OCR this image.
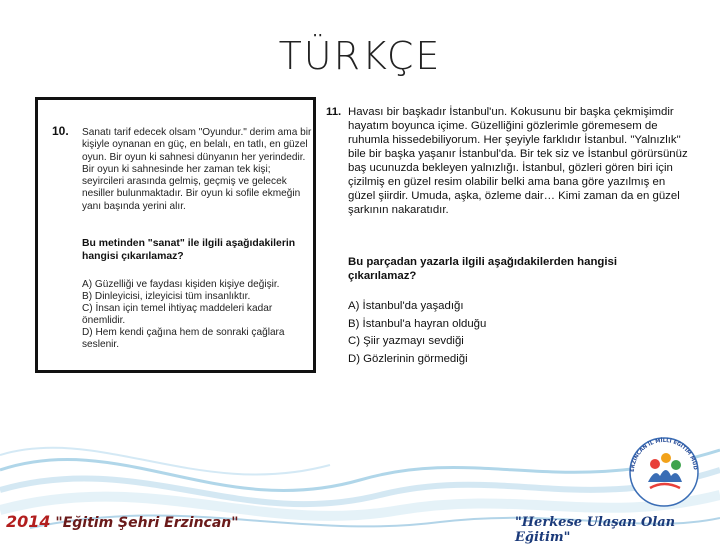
TÜRKÇE
10. Sanatı tarif edecek olsam "Oyundur." derim ama bir kişiyle oynanan en güç, en belalı, en tatlı, en güzel oyun. Bir oyun ki sahnesi dünyanın her yerindedir. Bir oyun ki sahnesinde her zaman tek kişi; seyircileri arasında gelmiş, geçmiş ve gelecek nesiller bulunmaktadır. Bir oyun ki sofile ekmeğin yanı başında yerini alır.
Bu metinden "sanat" ile ilgili aşağıdakilerin hangisi çıkarılamaz?
A) Güzelliği ve faydası kişiden kişiye değişir.
B) Dinleyicisi, izleyicisi tüm insanlıktır.
C) İnsan için temel ihtiyaç maddeleri kadar önemlidir.
D) Hem kendi çağına hem de sonraki çağlara seslenir.
11. Havası bir başkadır İstanbul'un. Kokusunu bir başka çekmişimdir hayatım boyunca içime. Güzelliğini gözlerimle göremesem de ruhumla hissedebiliyorum. Her şeyiyle farklıdır İstanbul. "Yalnızlık" bile bir başka yaşanır İstanbul'da. Bir tek siz ve İstanbul görürsünüz baş ucunuzda bekleyen yalnızlığı. İstanbul, gözleri gören biri için çizilmiş en güzel resim olabilir belki ama bana göre yazılmış en güzel şiirdir. Umuda, aşka, özleme dair… Kimi zaman da en güzel şarkının nakaratıdır.
Bu parçadan yazarla ilgili aşağıdakilerden hangisi çıkarılamaz?
A) İstanbul'da yaşadığı
B) İstanbul'a hayran olduğu
C) Şiir yazmayı sevdiği
D) Gözlerinin görmediği
ERZİNCAN İL MİLLİ EĞİTİM MÜD
2014 "Eğitim Şehri Erzincan"	"Herkese Ulaşan Olan Eğitim"
